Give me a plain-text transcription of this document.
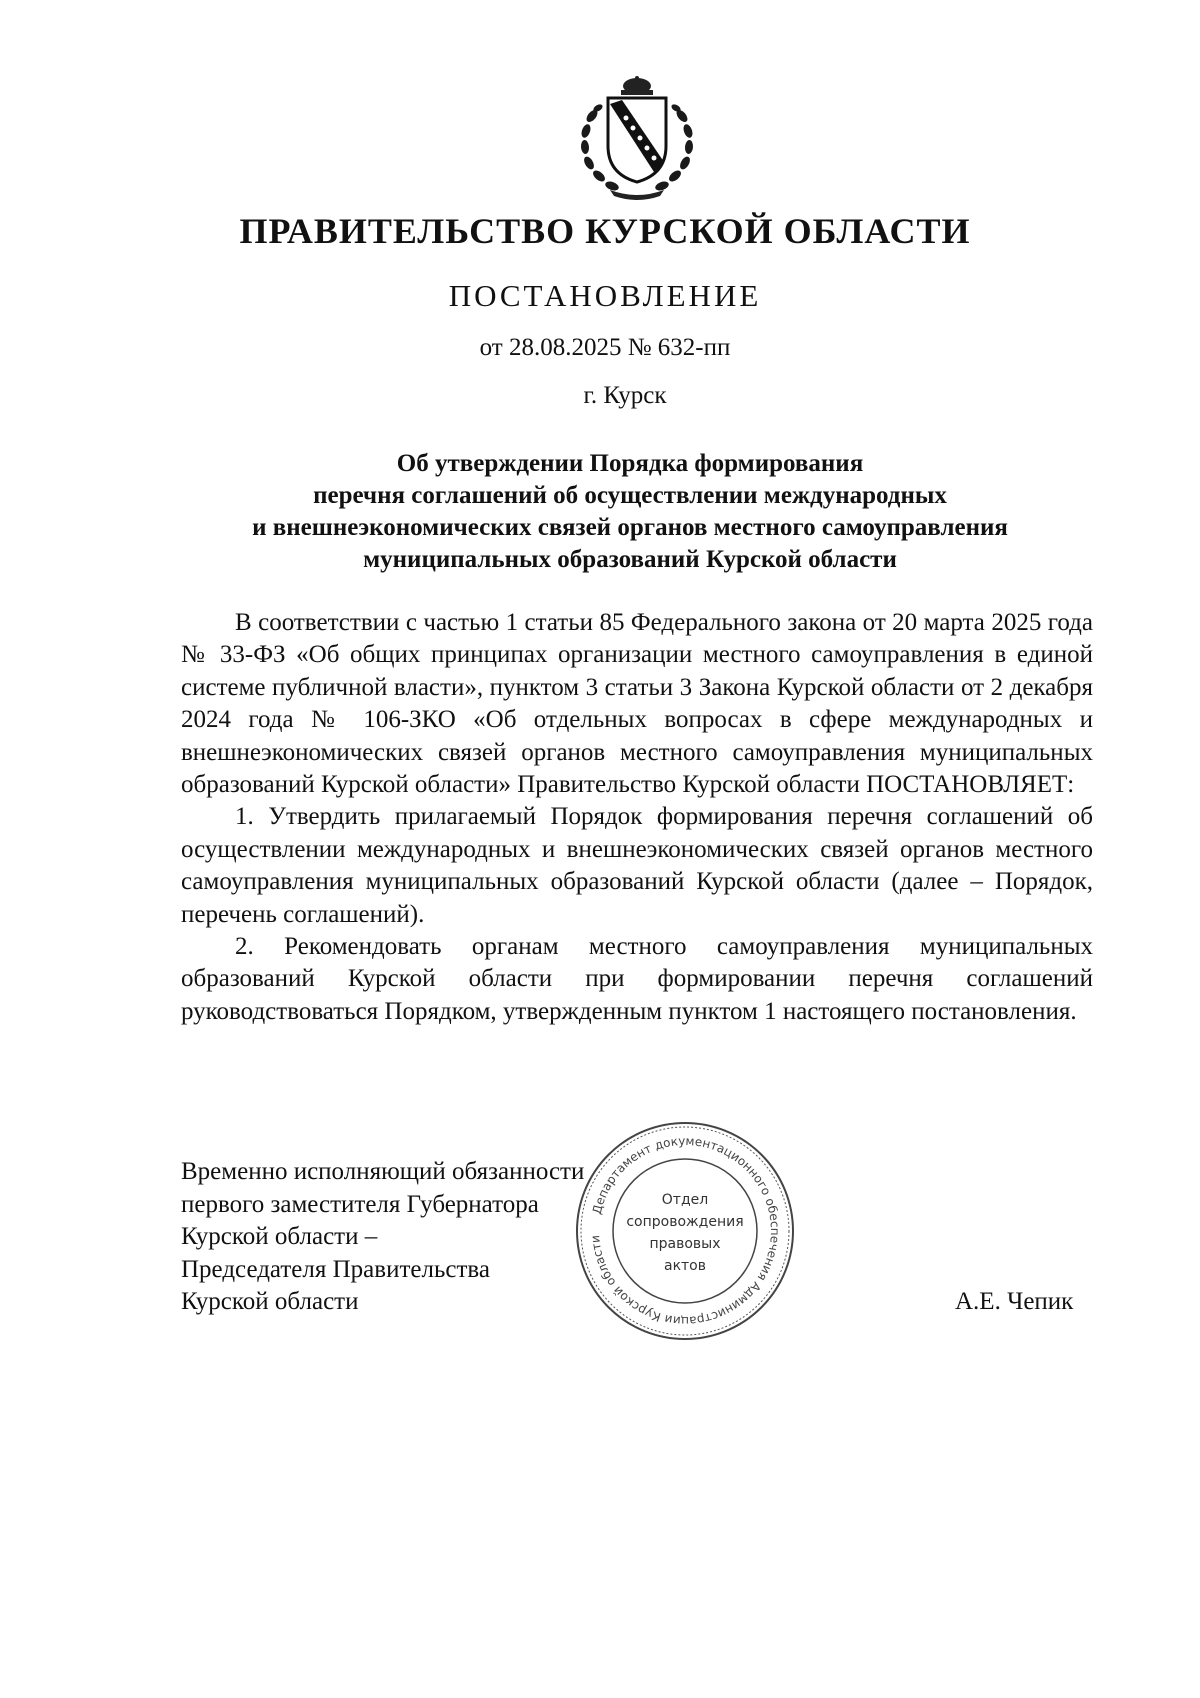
ПРАВИТЕЛЬСТВО КУРСКОЙ ОБЛАСТИ
ПОСТАНОВЛЕНИЕ
от 28.08.2025 № 632-пп
г. Курск
Об утверждении Порядка формирования
перечня соглашений об осуществлении международных
и внешнеэкономических связей органов местного самоуправления
муниципальных образований Курской области

В соответствии с частью 1 статьи 85 Федерального закона от 20 марта 2025 года № 33-ФЗ «Об общих принципах организации местного самоуправления в единой системе публичной власти», пунктом 3 статьи 3 Закона Курской области от 2 декабря 2024 года № 106-ЗКО «Об отдельных вопросах в сфере международных и внешнеэкономических связей органов местного самоуправления муниципальных образований Курской области» Правительство Курской области ПОСТАНОВЛЯЕТ:

1. Утвердить прилагаемый Порядок формирования перечня соглашений об осуществлении международных и внешнеэкономических связей органов местного самоуправления муниципальных образований Курской области (далее – Порядок, перечень соглашений).

2. Рекомендовать органам местного самоуправления муниципальных образований Курской области при формировании перечня соглашений руководствоваться Порядком, утвержденным пунктом 1 настоящего постановления.

Временно исполняющий обязанности
первого заместителя Губернатора
Курской области –
Председателя Правительства
Курской области	А.Е. Чепик
Департамент документационного обеспечения Администрации Курской области
Отдел
сопровождения
правовых
актов
